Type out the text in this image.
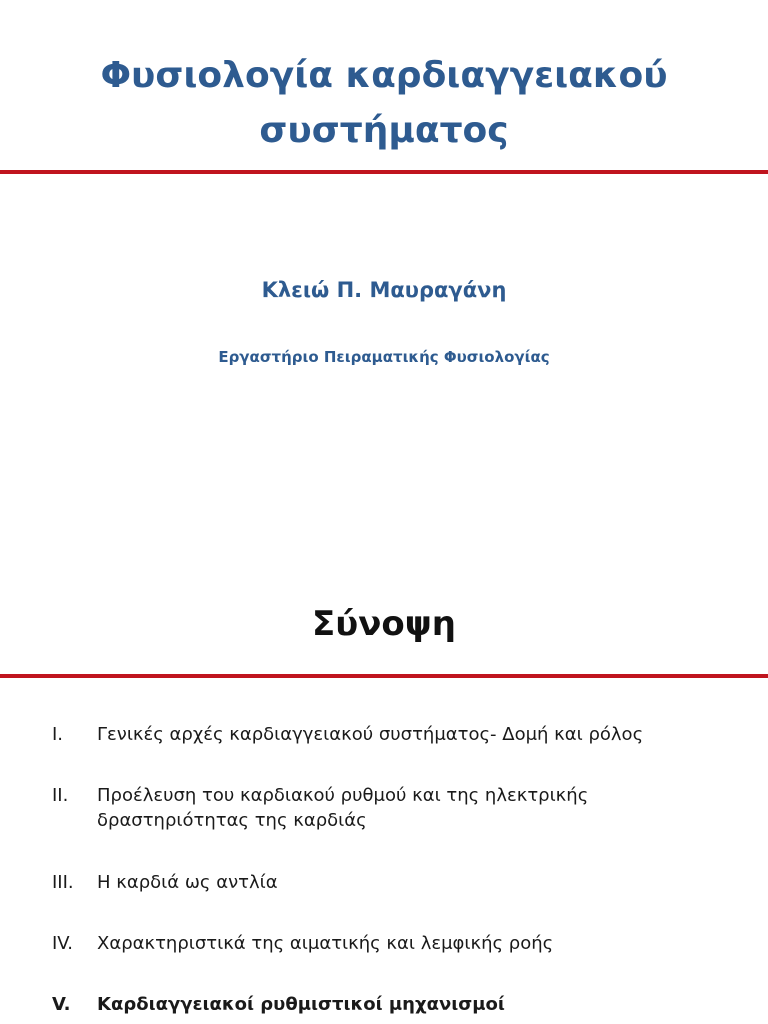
Φυσιολογία καρδιαγγειακού
συστήματος
Κλειώ Π. Μαυραγάνη
Εργαστήριο Πειραματικής Φυσιολογίας
Σύνοψη
I. Γενικές αρχές καρδιαγγειακού συστήματος- Δομή και ρόλος
II. Προέλευση του καρδιακού ρυθμού και της ηλεκτρικής δραστηριότητας της καρδιάς
III. Η καρδιά ως αντλία
IV. Χαρακτηριστικά της αιματικής και λεμφικής ροής
V. Καρδιαγγειακοί ρυθμιστικοί μηχανισμοί
